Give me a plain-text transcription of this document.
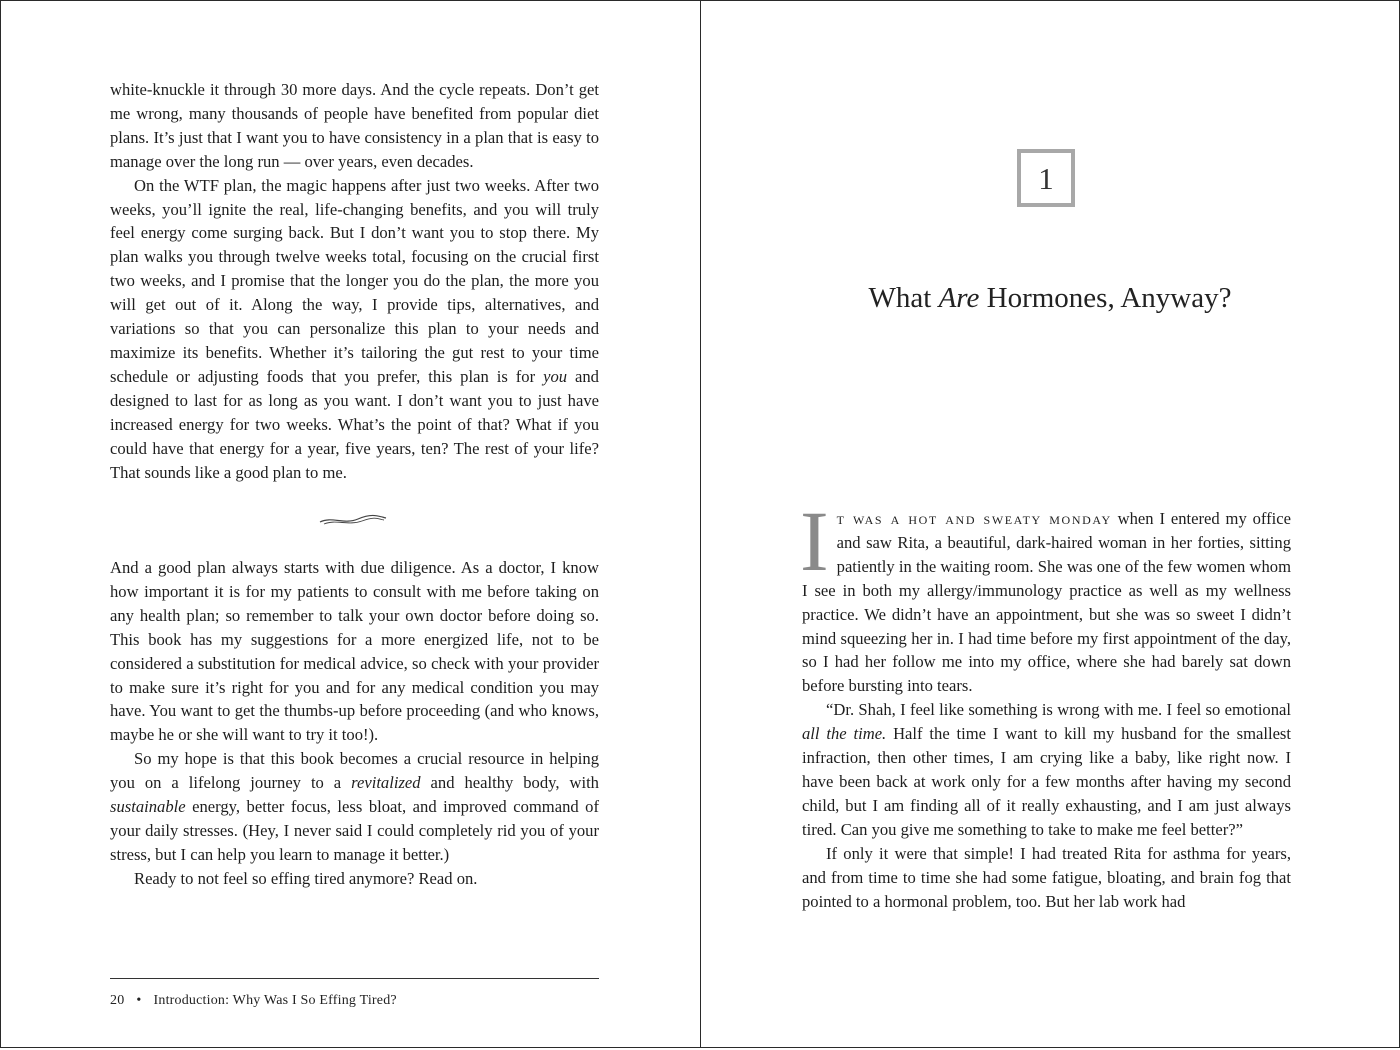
white-knuckle it through 30 more days. And the cycle repeats. Don’t get me wrong, many thousands of people have benefited from popular diet plans. It’s just that I want you to have consistency in a plan that is easy to manage over the long run — over years, even decades.

On the WTF plan, the magic happens after just two weeks. After two weeks, you’ll ignite the real, life-changing benefits, and you will truly feel energy come surging back. But I don’t want you to stop there. My plan walks you through twelve weeks total, focusing on the crucial first two weeks, and I promise that the longer you do the plan, the more you will get out of it. Along the way, I provide tips, alternatives, and variations so that you can personalize this plan to your needs and maximize its benefits. Whether it’s tailoring the gut rest to your time schedule or adjusting foods that you prefer, this plan is for you and designed to last for as long as you want. I don’t want you to just have increased energy for two weeks. What’s the point of that? What if you could have that energy for a year, five years, ten? The rest of your life? That sounds like a good plan to me.

And a good plan always starts with due diligence. As a doctor, I know how important it is for my patients to consult with me before taking on any health plan; so remember to talk your own doctor before doing so. This book has my suggestions for a more energized life, not to be considered a substitution for medical advice, so check with your provider to make sure it’s right for you and for any medical condition you may have. You want to get the thumbs-up before proceeding (and who knows, maybe he or she will want to try it too!).

So my hope is that this book becomes a crucial resource in helping you on a lifelong journey to a revitalized and healthy body, with sustainable energy, better focus, less bloat, and improved command of your daily stresses. (Hey, I never said I could completely rid you of your stress, but I can help you learn to manage it better.)

Ready to not feel so effing tired anymore? Read on.

20 • Introduction: Why Was I So Effing Tired?
1
What Are Hormones, Anyway?

It was a hot and sweaty monday when I entered my office and saw Rita, a beautiful, dark-haired woman in her forties, sitting patiently in the waiting room. She was one of the few women whom I see in both my allergy/immunology practice as well as my wellness practice. We didn’t have an appointment, but she was so sweet I didn’t mind squeezing her in. I had time before my first appointment of the day, so I had her follow me into my office, where she had barely sat down before bursting into tears.

“Dr. Shah, I feel like something is wrong with me. I feel so emotional all the time. Half the time I want to kill my husband for the smallest infraction, then other times, I am crying like a baby, like right now. I have been back at work only for a few months after having my second child, but I am finding all of it really exhausting, and I am just always tired. Can you give me something to take to make me feel better?”

If only it were that simple! I had treated Rita for asthma for years, and from time to time she had some fatigue, bloating, and brain fog that pointed to a hormonal problem, too. But her lab work had
